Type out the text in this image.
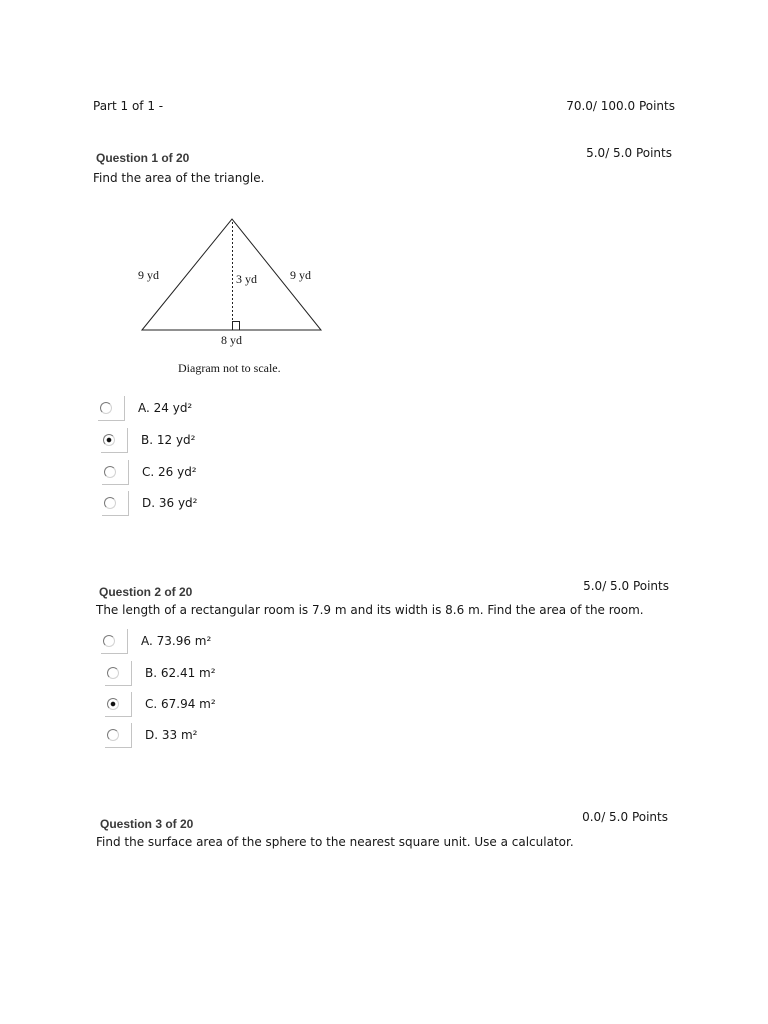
Part 1 of 1 -	70.0/ 100.0 Points
Question 1 of 20	5.0/ 5.0 Points
Find the area of the triangle.
9 yd	3 yd	9 yd
8 yd
Diagram not to scale.
A. 24 yd²
B. 12 yd²
C. 26 yd²
D. 36 yd²
Question 2 of 20	5.0/ 5.0 Points
The length of a rectangular room is 7.9 m and its width is 8.6 m. Find the area of the room.
A. 73.96 m²
B. 62.41 m²
C. 67.94 m²
D. 33 m²
Question 3 of 20	0.0/ 5.0 Points
Find the surface area of the sphere to the nearest square unit. Use a calculator.
